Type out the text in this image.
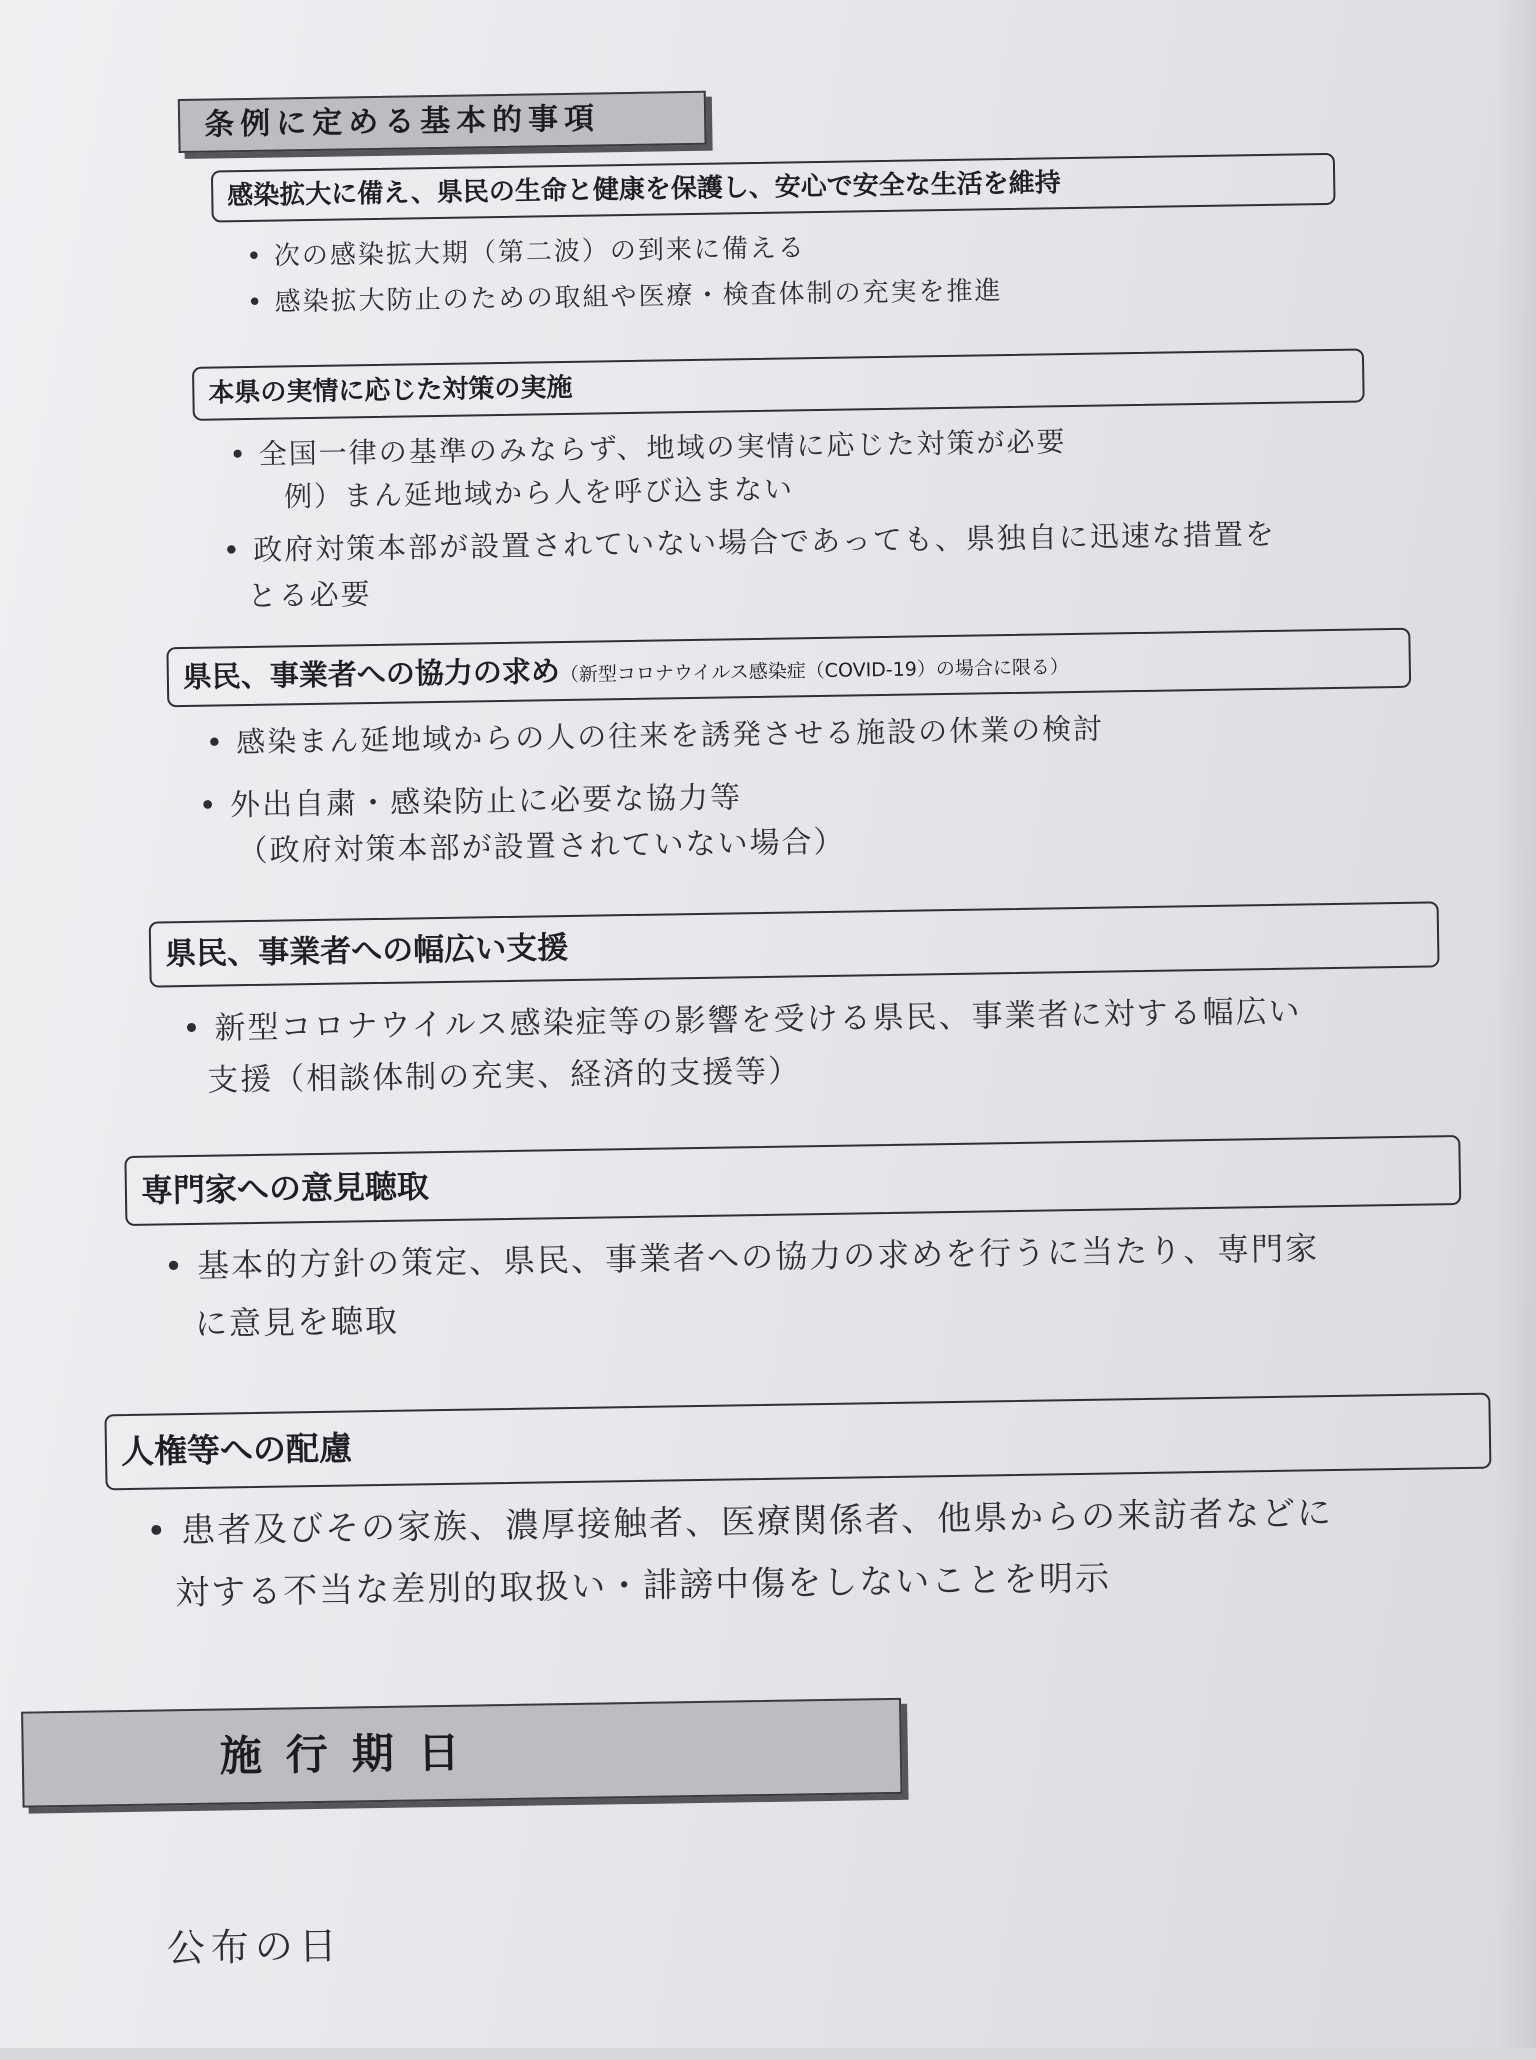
条例に定める基本的事項
感染拡大に備え、県民の生命と健康を保護し、安心で安全な生活を維持
• 次の感染拡大期（第二波）の到来に備える
• 感染拡大防止のための取組や医療・検査体制の充実を推進
本県の実情に応じた対策の実施
• 全国一律の基準のみならず、地域の実情に応じた対策が必要
例）まん延地域から人を呼び込まない
• 政府対策本部が設置されていない場合であっても、県独自に迅速な措置を
とる必要
県民、事業者への協力の求め（新型コロナウイルス感染症（COVID-19）の場合に限る）
• 感染まん延地域からの人の往来を誘発させる施設の休業の検討
• 外出自粛・感染防止に必要な協力等
（政府対策本部が設置されていない場合）
県民、事業者への幅広い支援
• 新型コロナウイルス感染症等の影響を受ける県民、事業者に対する幅広い
支援（相談体制の充実、経済的支援等）
専門家への意見聴取
• 基本的方針の策定、県民、事業者への協力の求めを行うに当たり、専門家
に意見を聴取
人権等への配慮
• 患者及びその家族、濃厚接触者、医療関係者、他県からの来訪者などに
対する不当な差別的取扱い・誹謗中傷をしないことを明示
施行期日
公布の日
